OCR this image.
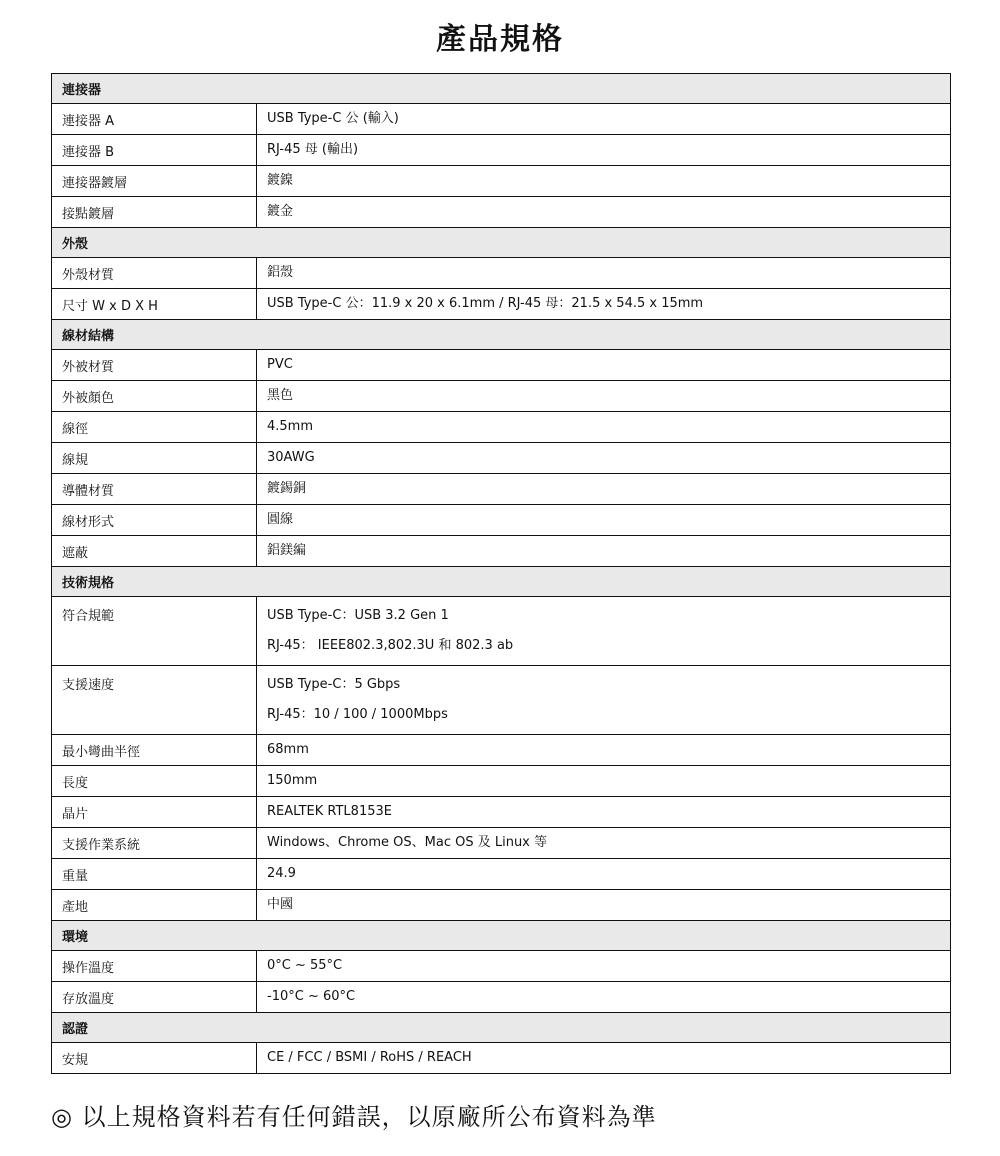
產品規格
連接器	
連接器 A	USB Type-C 公 (輸入)

連接器 B	RJ-45 母 (輸出)

連接器鍍層	鍍鎳

接點鍍層	鍍金

外殼	
外殼材質	鋁殼

尺寸 W x D X H	USB Type-C 公：11.9 x 20 x 6.1mm / RJ-45 母：21.5 x 54.5 x 15mm

線材結構	
外被材質	PVC

外被顏色	黑色

線徑	4.5mm

線規	30AWG

導體材質	鍍錫銅

線材形式	圓線

遮蔽	鋁鎂編

技術規格	
符合規範	USB Type-C：USB 3.2 Gen 1
RJ-45： IEEE802.3,802.3U 和 802.3 ab

支援速度	USB Type-C：5 Gbps
RJ-45：10 / 100 / 1000Mbps

最小彎曲半徑	68mm

長度	150mm

晶片	REALTEK RTL8153E

支援作業系統	Windows、Chrome OS、Mac OS 及 Linux 等

重量	24.9

產地	中國

環境	
操作溫度	0°C ~ 55°C

存放溫度	-10°C ~ 60°C

認證	
安規	CE / FCC / BSMI / RoHS / REACH

◎ 以上規格資料若有任何錯誤，以原廠所公布資料為準
